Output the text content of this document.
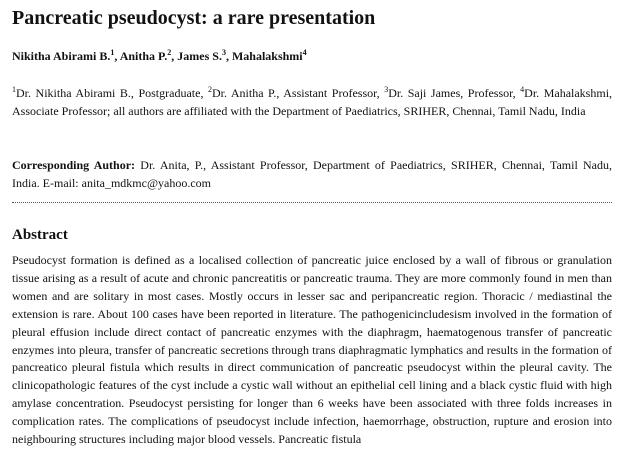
Pancreatic pseudocyst: a rare presentation

Nikitha Abirami B.$^1$, Anitha P.$^2$, James S.$^3$, Mahalakshmi$^4$

$^1$Dr. Nikitha Abirami B., Postgraduate, $^2$Dr. Anitha P., Assistant Professor, $^3$Dr. Saji James, Professor, $^4$Dr. Mahalakshmi, Associate Professor; all authors are affiliated with the Department of Paediatrics, SRIHER, Chennai, Tamil Nadu, India

Corresponding Author: Dr. Anita, P., Assistant Professor, Department of Paediatrics, SRIHER, Chennai, Tamil Nadu, India. E-mail: anita_mdkmc@yahoo.com

Abstract

Pseudocyst formation is defined as a localised collection of pancreatic juice enclosed by a wall of fibrous or granulation tissue arising as a result of acute and chronic pancreatitis or pancreatic trauma. They are more commonly found in men than women and are solitary in most cases. Mostly occurs in lesser sac and peripancreatic region. Thoracic / mediastinal the extension is rare. About 100 cases have been reported in literature. The pathogenicincludesism involved in the formation of pleural effusion include direct contact of pancreatic enzymes with the diaphragm, haematogenous transfer of pancreatic enzymes into pleura, transfer of pancreatic secretions through trans diaphragmatic lymphatics and results in the formation of pancreatico pleural fistula which results in direct communication of pancreatic pseudocyst within the pleural cavity. The clinicopathologic features of the cyst include a cystic wall without an epithelial cell lining and a black cystic fluid with high amylase concentration. Pseudocyst persisting for longer than 6 weeks have been associated with three folds increases in complication rates. The complications of pseudocyst include infection, haemorrhage, obstruction, rupture and erosion into neighbouring structures including major blood vessels. Pancreatic fistula
